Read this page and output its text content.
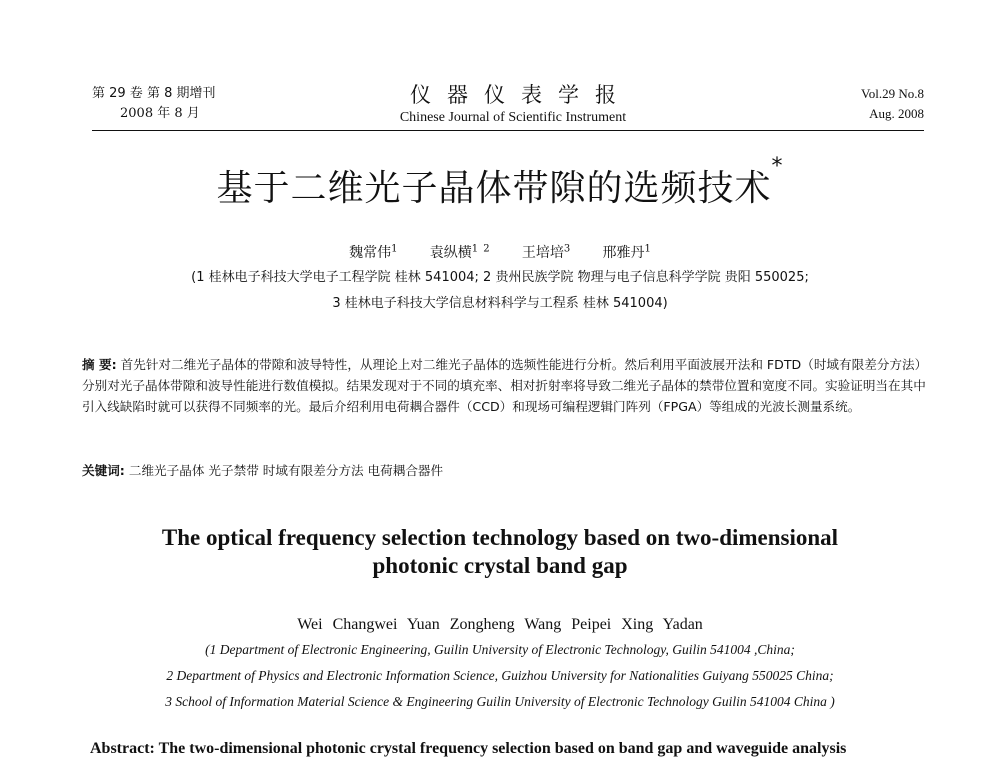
第 29 卷 第 8 期增刊
2008 年 8 月
仪器仪表学报
Chinese Journal of Scientific Instrument
Vol.29 No.8
Aug. 2008
基于二维光子晶体带隙的选频技术*
魏常伟$^1$ 袁纵横$^{1 2}$ 王培培$^3$ 邢雅丹$^1$
(1 桂林电子科技大学电子工程学院 桂林 541004; 2 贵州民族学院 物理与电子信息科学学院 贵阳 550025;
3 桂林电子科技大学信息材料科学与工程系 桂林 541004)
摘 要: 首先针对二维光子晶体的带隙和波导特性，从理论上对二维光子晶体的选频性能进行分析。然后利用平面波展开法和 FDTD（时域有限差分方法）分别对光子晶体带隙和波导性能进行数值模拟。结果发现对于不同的填充率、相对折射率将导致二维光子晶体的禁带位置和宽度不同。实验证明当在其中引入线缺陷时就可以获得不同频率的光。最后介绍利用电荷耦合器件（CCD）和现场可编程逻辑门阵列（FPGA）等组成的光波长测量系统。
关键词: 二维光子晶体 光子禁带 时域有限差分方法 电荷耦合器件
The optical frequency selection technology based on two-dimensional
photonic crystal band gap
Wei Changwei Yuan Zongheng Wang Peipei Xing Yadan
(1 Department of Electronic Engineering, Guilin University of Electronic Technology, Guilin 541004 ,China;
2 Department of Physics and Electronic Information Science, Guizhou University for Nationalities Guiyang 550025 China;
3 School of Information Material Science & Engineering Guilin University of Electronic Technology Guilin 541004 China )
Abstract: The two-dimensional photonic crystal frequency selection based on band gap and waveguide analysis
